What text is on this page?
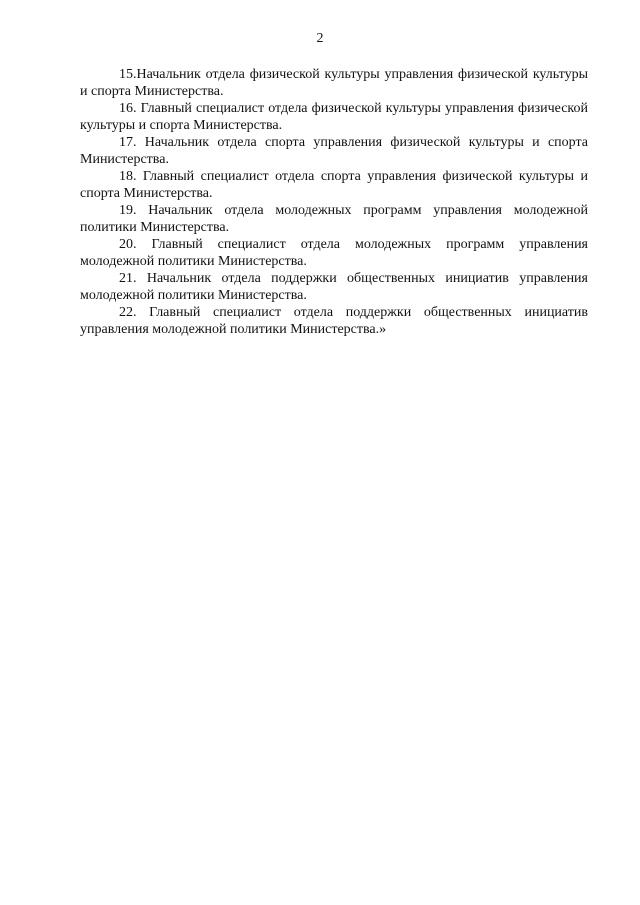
2

15.Начальник отдела физической культуры управления физической культуры и спорта Министерства.

16. Главный специалист отдела физической культуры управления физической культуры и спорта Министерства.

17. Начальник отдела спорта управления физической культуры и спорта Министерства.

18. Главный специалист отдела спорта управления физической культуры и спорта Министерства.

19. Начальник отдела молодежных программ управления молодежной политики Министерства.

20. Главный специалист отдела молодежных программ управления молодежной политики Министерства.

21. Начальник отдела поддержки общественных инициатив управления молодежной политики Министерства.

22. Главный специалист отдела поддержки общественных инициатив управления молодежной политики Министерства.»
